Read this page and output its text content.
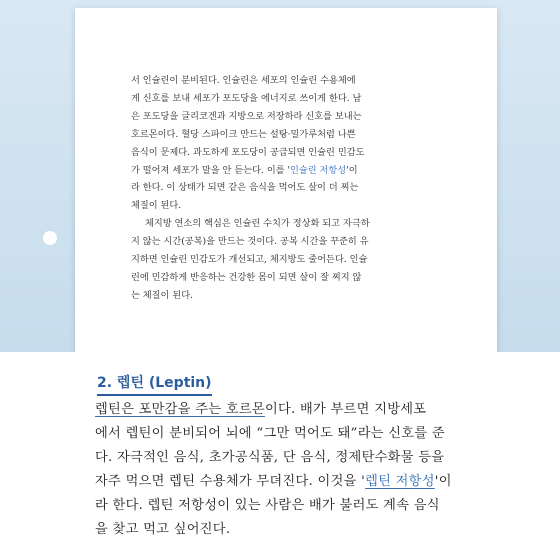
서 인슐린이 분비된다. 인슐린은 세포의 인슐린 수용체에

게 신호를 보내 세포가 포도당을 에너지로 쓰이게 한다. 남

은 포도당을 글리코겐과 지방으로 저장하라 신호를 보내는

호르몬이다. 혈당 스파이크 만드는 설탕·밀가루처럼 나쁜

음식이 문제다. 과도하게 포도당이 공급되면 인슐린 민감도

가 떨어져 세포가 말을 안 듣는다. 이를 '인슐린 저항성'이

라 한다. 이 상태가 되면 같은 음식을 먹어도 살이 더 찌는

체질이 된다.

체지방 연소의 핵심은 인슐린 수치가 정상화 되고 자극하

지 않는 시간(공복)을 만드는 것이다. 공복 시간을 꾸준히 유

지하면 인슐린 민감도가 개선되고, 체지방도 줄어든다. 인슐

린에 민감하게 반응하는 건강한 몸이 되면 살이 잘 찌지 않

는 체질이 된다.

2. 렙틴 (Leptin)

렙틴은 포만감을 주는 호르몬이다. 배가 부르면 지방세포

에서 렙틴이 분비되어 뇌에 “그만 먹어도 돼”라는 신호를 준

다. 자극적인 음식, 초가공식품, 단 음식, 정제탄수화물 등을

자주 먹으면 렙틴 수용체가 무뎌진다. 이것을 '렙틴 저항성'이

라 한다. 렙틴 저항성이 있는 사람은 배가 불러도 계속 음식

을 찾고 먹고 싶어진다.
